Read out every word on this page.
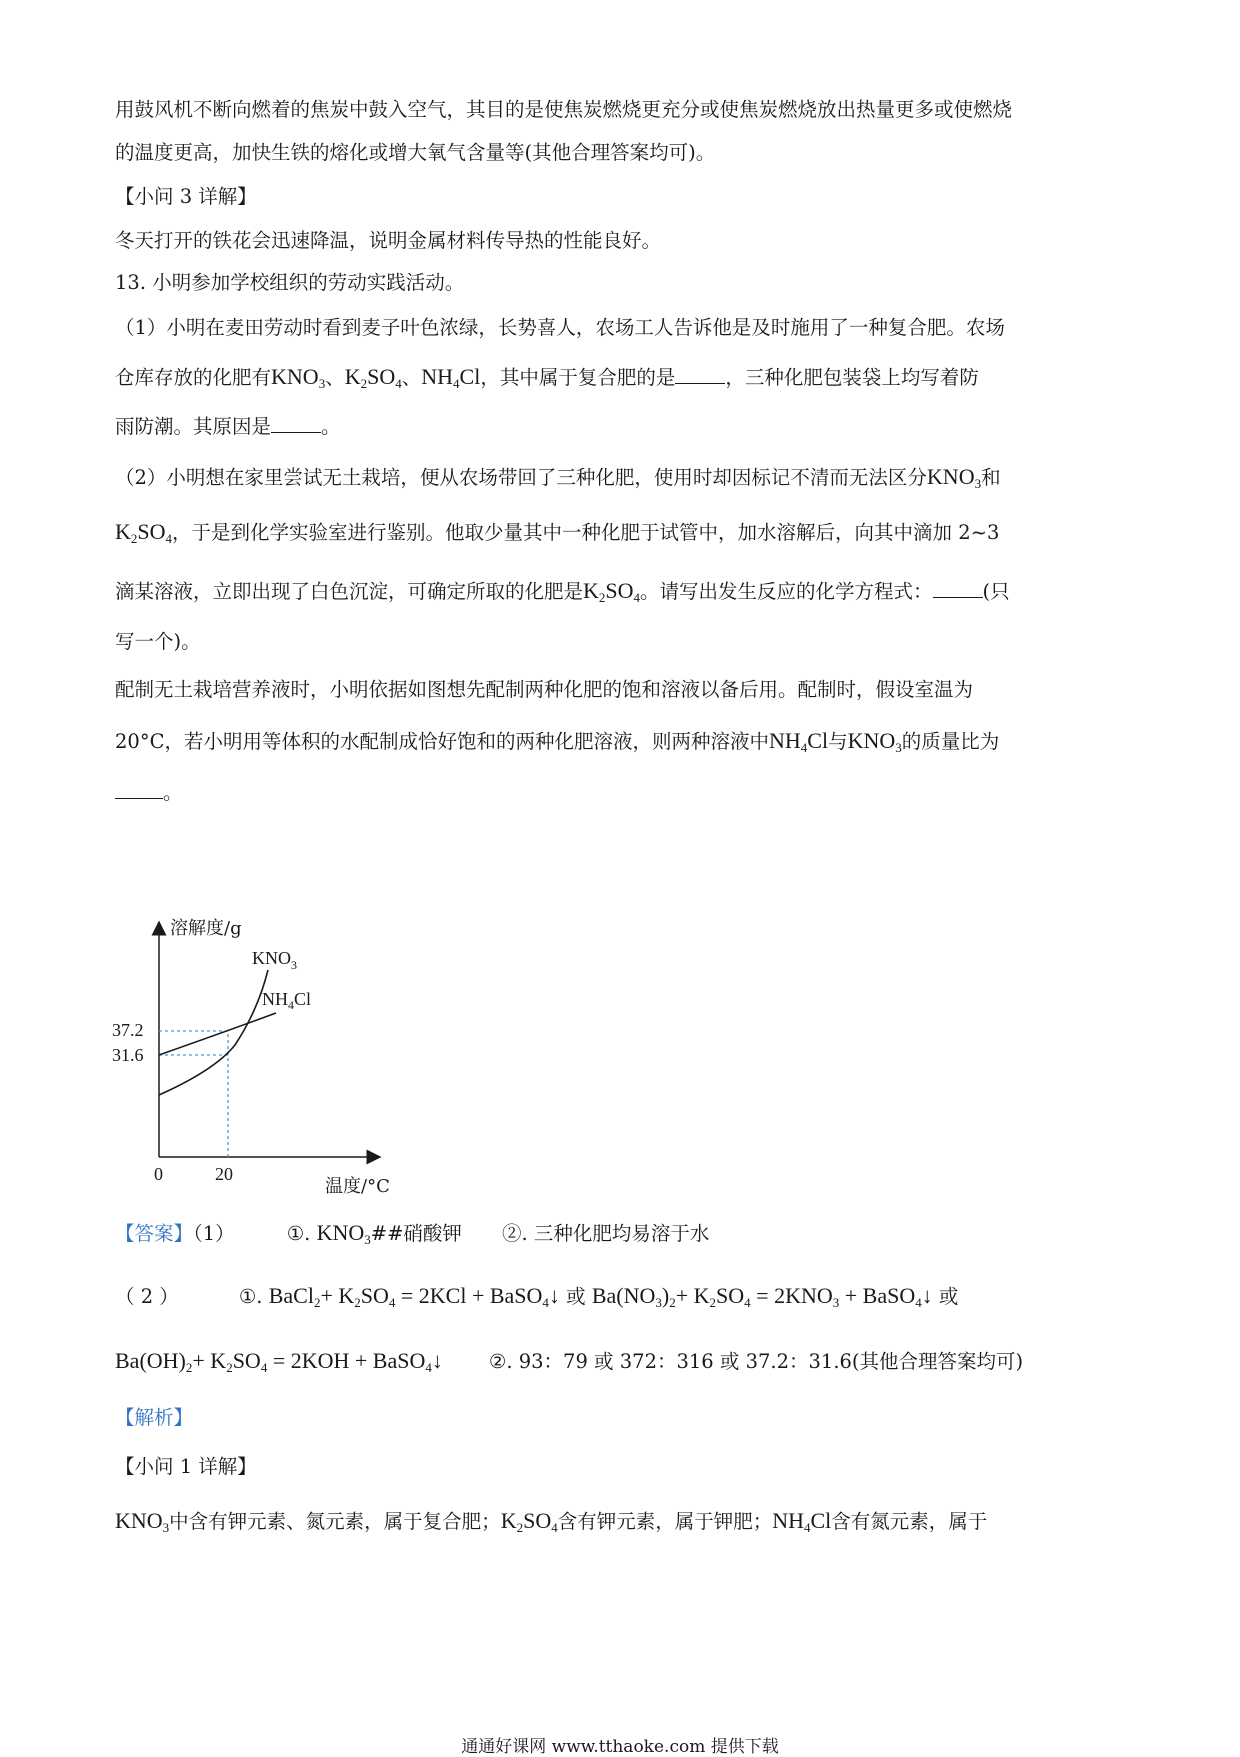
用鼓风机不断向燃着的焦炭中鼓入空气，其目的是使焦炭燃烧更充分或使焦炭燃烧放出热量更多或使燃烧
的温度更高，加快生铁的熔化或增大氧气含量等(其他合理答案均可)。
【小问 3 详解】
冬天打开的铁花会迅速降温，说明金属材料传导热的性能良好。
13. 小明参加学校组织的劳动实践活动。
（1）小明在麦田劳动时看到麦子叶色浓绿，长势喜人，农场工人告诉他是及时施用了一种复合肥。农场
仓库存放的化肥有$KNO_3$、$K_2SO_4$、$NH_4Cl$，其中属于复合肥的是	，三种化肥包装袋上均写着防
雨防潮。其原因是	。
（2）小明想在家里尝试无土栽培，便从农场带回了三种化肥，使用时却因标记不清而无法区分$KNO_3$和
$K_2SO_4$，于是到化学实验室进行鉴别。他取少量其中一种化肥于试管中，加水溶解后，向其中滴加 2~3
滴某溶液，立即出现了白色沉淀，可确定所取的化肥是$K_2SO_4$。请写出发生反应的化学方程式：	(只
写一个)。
配制无土栽培营养液时，小明依据如图想先配制两种化肥的饱和溶液以备后用。配制时，假设室温为
20°C，若小明用等体积的水配制成恰好饱和的两种化肥溶液，则两种溶液中$NH_4Cl$与$KNO_3$的质量比为
。
溶解度/g
温度/°C
0	20
37.2
31.6
$KNO_3$
$NH_4Cl$
【答案】（1）	①. $KNO_3\#\#$硝酸钾 ②. 三种化肥均易溶于水
（ 2 ）	①. BaCl$_2$+ $K_2SO_4 = 2KCl$ + BaSO$_4$↓ 或 $Ba(NO_3)_2+ K_2SO_4 = 2KNO_3$ + BaSO$_4$↓ 或
$Ba(OH)_2+ K_2SO_4 = 2KOH$ + BaSO$_4$↓ ②. 93：79 或 372：316 或 37.2：31.6(其他合理答案均可)
【解析】
【小问 1 详解】
$KNO_3$中含有钾元素、氮元素，属于复合肥；$K_2SO_4$含有钾元素，属于钾肥；$NH_4Cl$含有氮元素，属于
通通好课网 www.tthaoke.com 提供下载
